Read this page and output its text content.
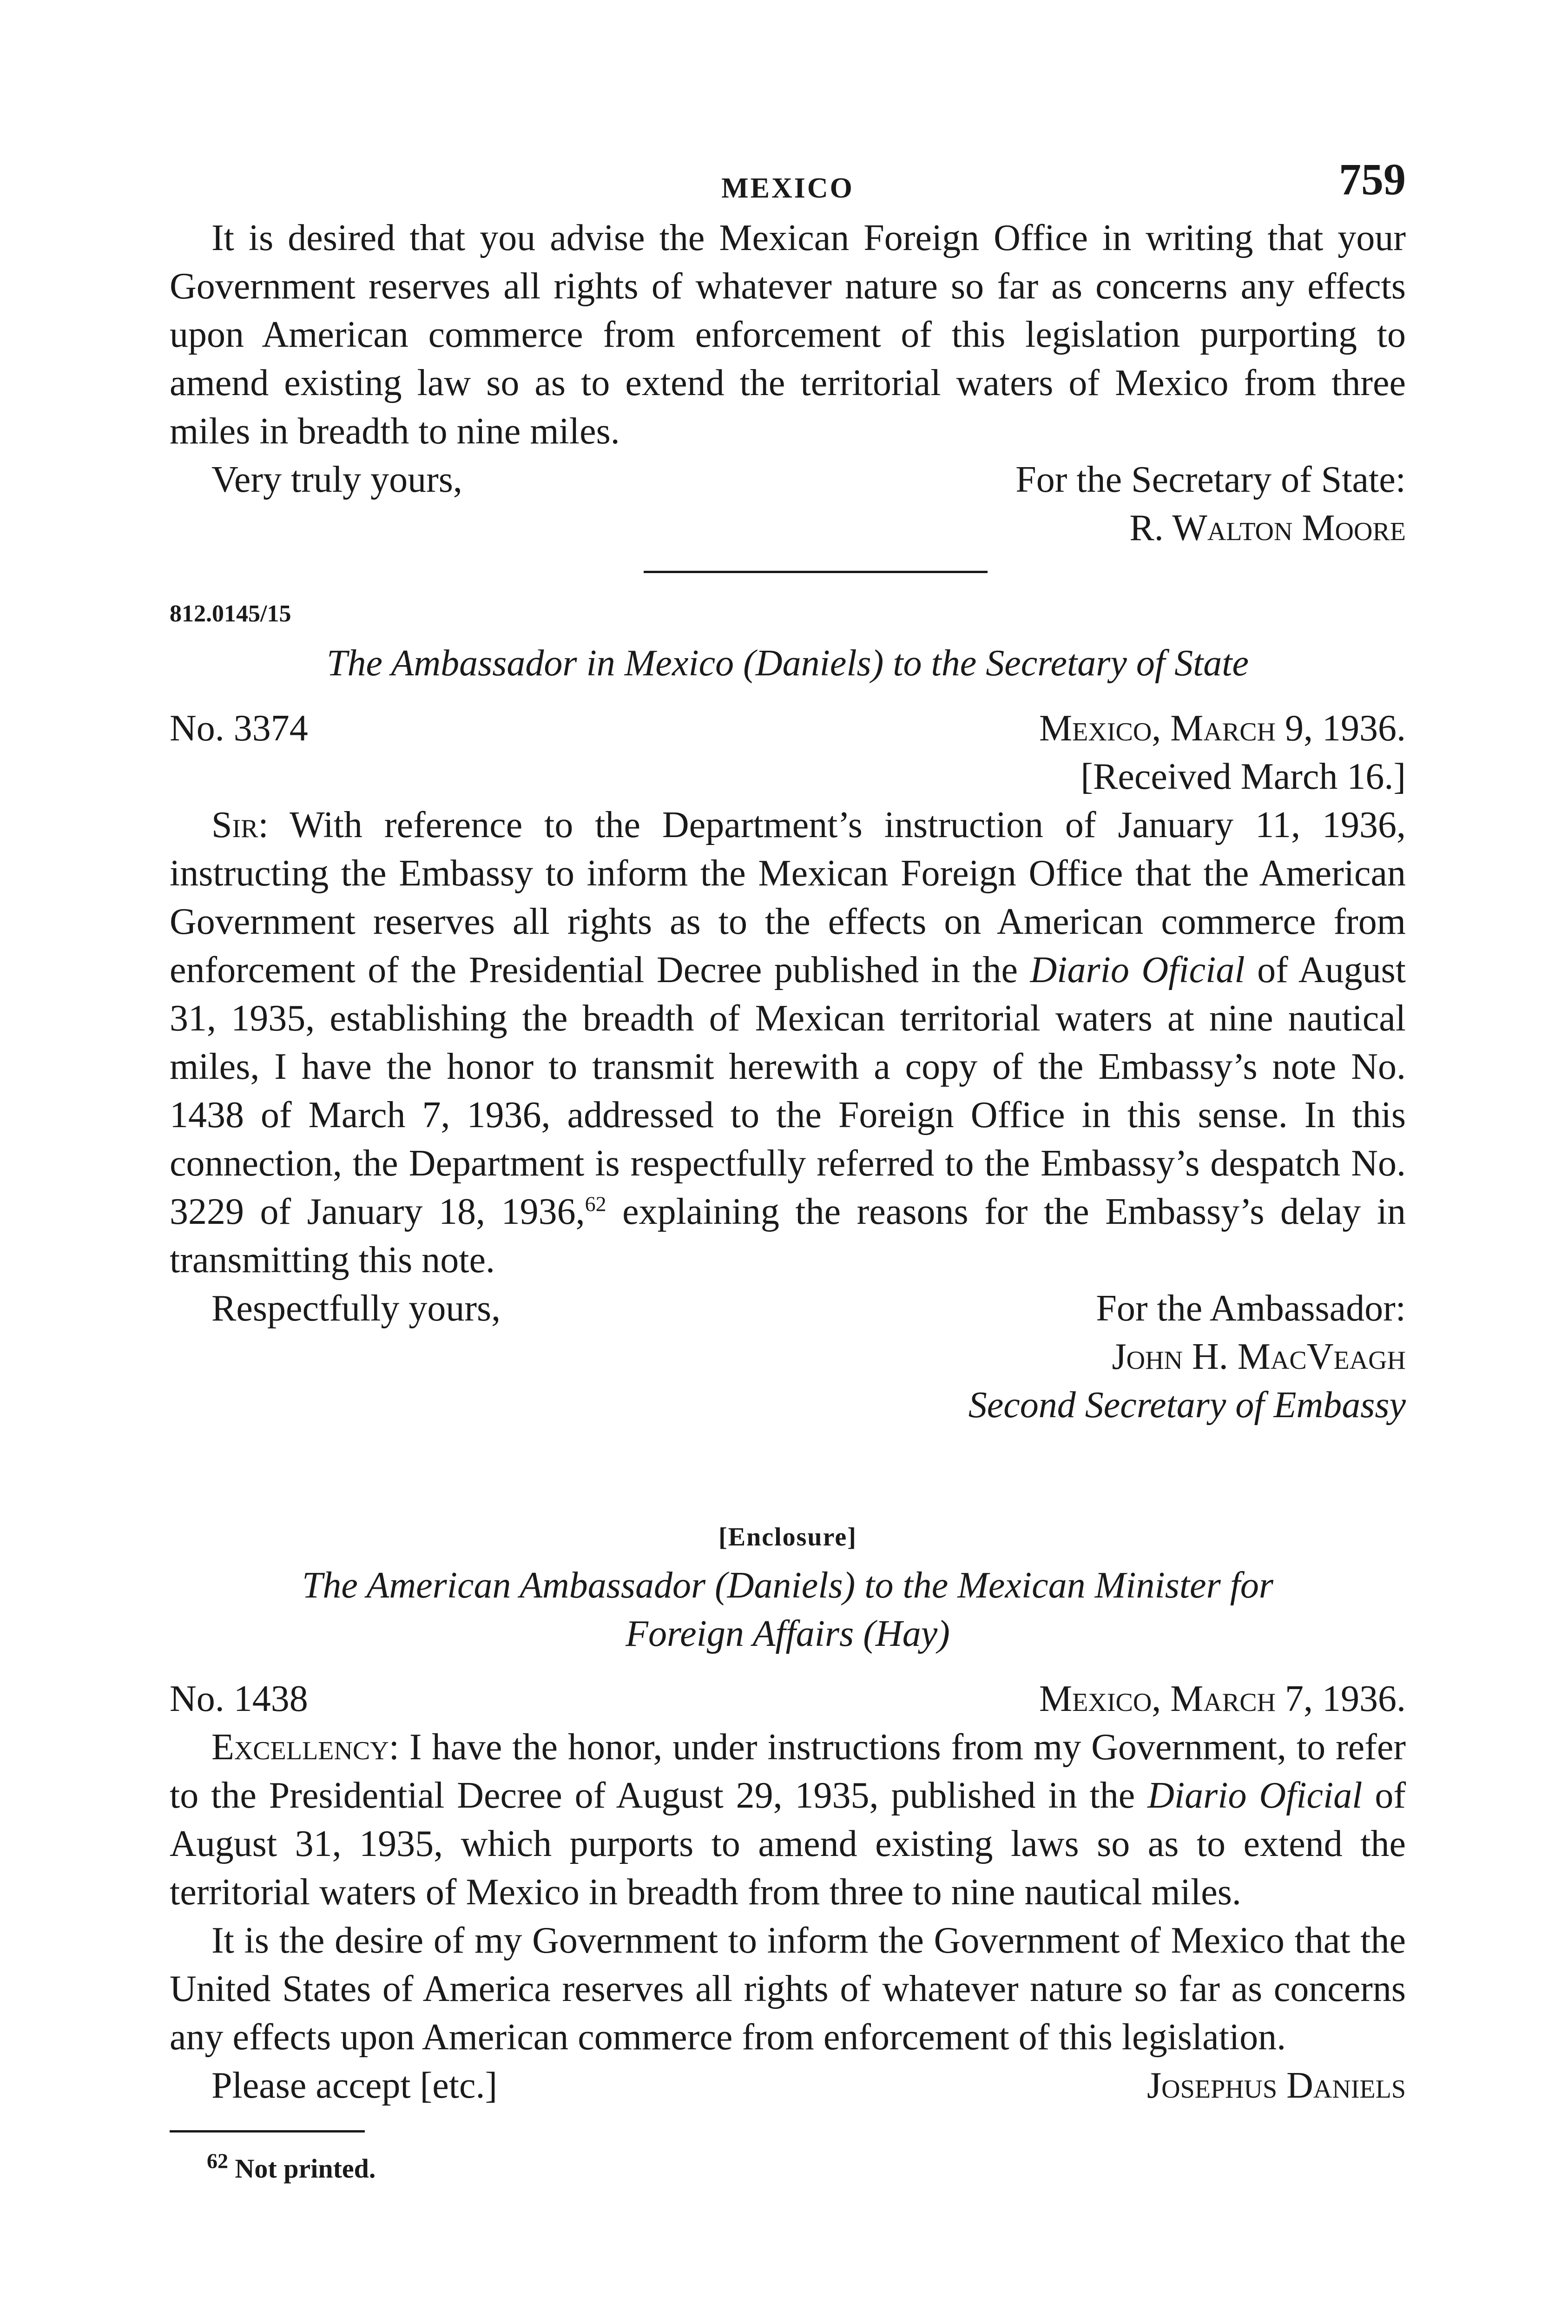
MEXICO	759

It is desired that you advise the Mexican Foreign Office in writing that your Government reserves all rights of whatever nature so far as concerns any effects upon American commerce from enforcement of this legislation purporting to amend existing law so as to extend the territorial waters of Mexico from three miles in breadth to nine miles.

Very truly yours,	For the Secretary of State:
R. Walton Moore
812.0145/15
The Ambassador in Mexico (Daniels) to the Secretary of State
No. 3374	Mexico, March 9, 1936.
[Received March 16.]

Sir: With reference to the Department’s instruction of January 11, 1936, instructing the Embassy to inform the Mexican Foreign Office that the American Government reserves all rights as to the effects on American commerce from enforcement of the Presidential Decree published in the Diario Oficial of August 31, 1935, establishing the breadth of Mexican territorial waters at nine nautical miles, I have the honor to transmit herewith a copy of the Embassy’s note No. 1438 of March 7, 1936, addressed to the Foreign Office in this sense. In this connection, the Department is respectfully referred to the Embassy’s despatch No. 3229 of January 18, 1936,62 explaining the reasons for the Embassy’s delay in transmitting this note.

Respectfully yours,	For the Ambassador:
John H. MacVeagh
Second Secretary of Embassy
[Enclosure]
The American Ambassador (Daniels) to the Mexican Minister for
Foreign Affairs (Hay)
No. 1438	Mexico, March 7, 1936.

Excellency: I have the honor, under instructions from my Government, to refer to the Presidential Decree of August 29, 1935, published in the Diario Oficial of August 31, 1935, which purports to amend existing laws so as to extend the territorial waters of Mexico in breadth from three to nine nautical miles.

It is the desire of my Government to inform the Government of Mexico that the United States of America reserves all rights of whatever nature so far as concerns any effects upon American commerce from enforcement of this legislation.

Please accept [etc.]	Josephus Daniels
$^{62}$ Not printed.
